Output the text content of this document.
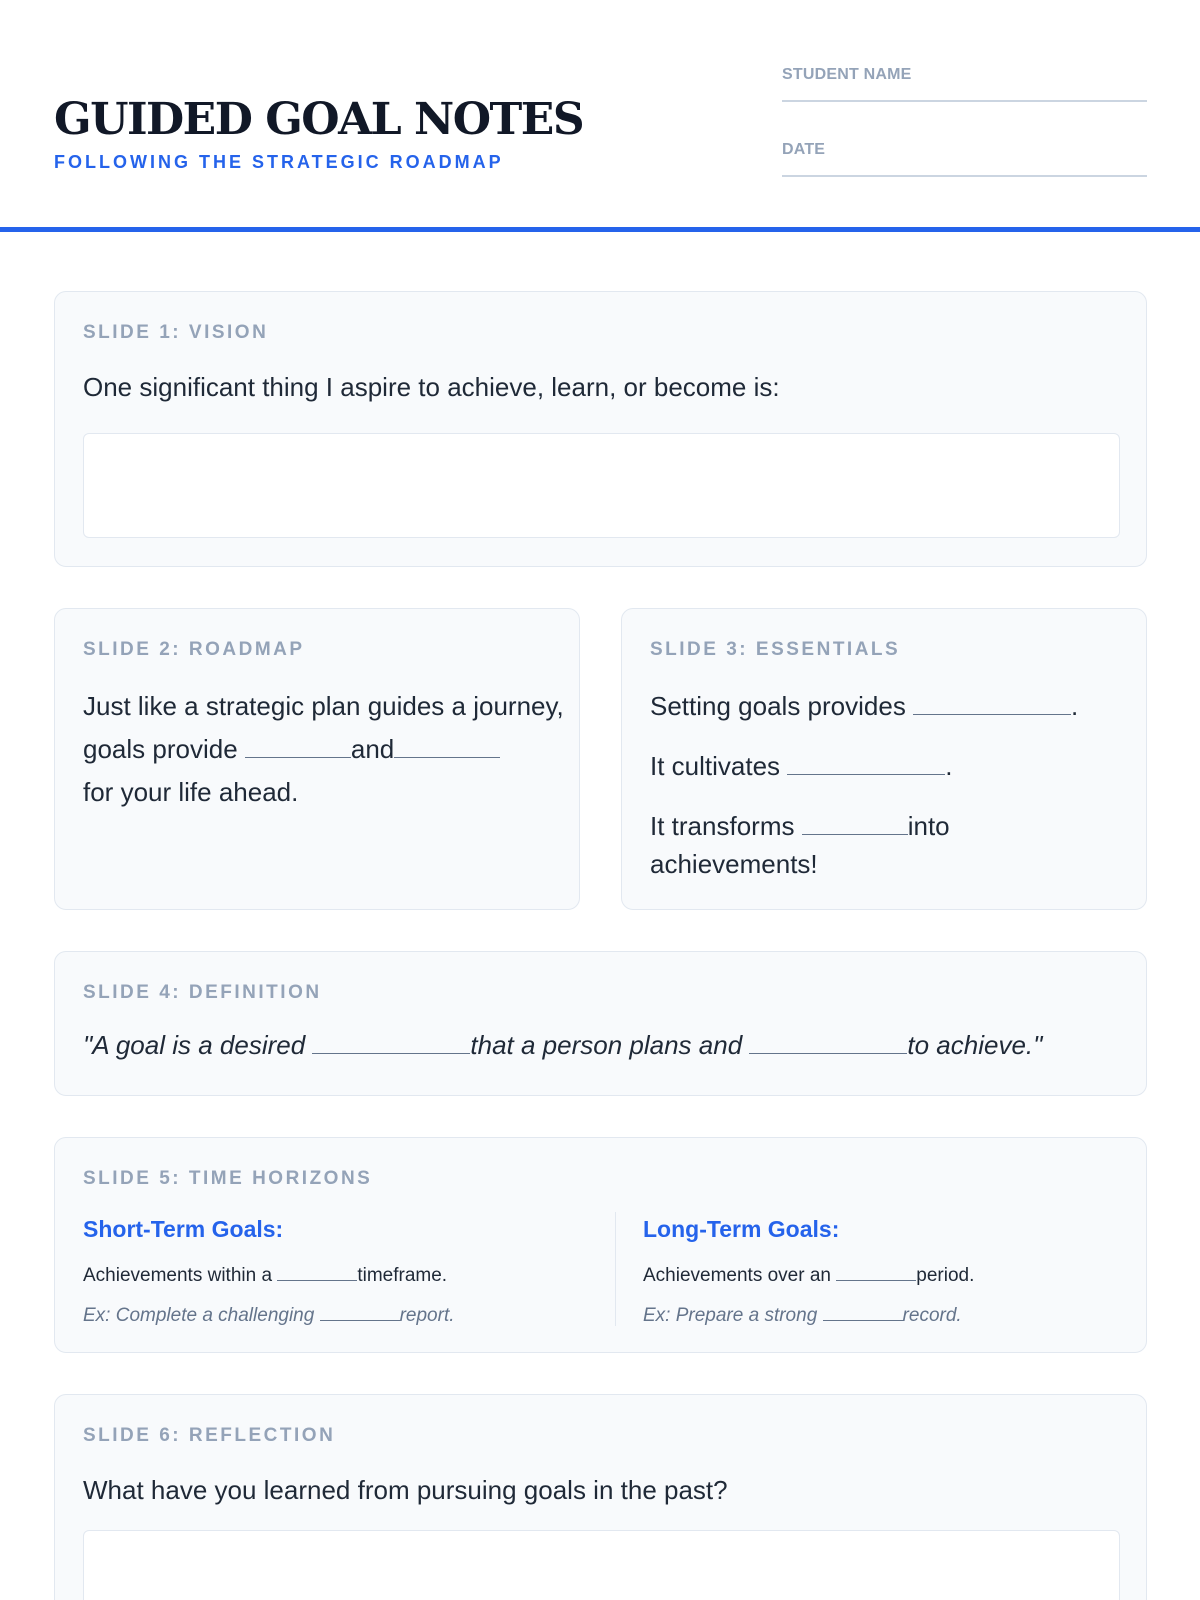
GUIDED GOAL NOTES
FOLLOWING THE STRATEGIC ROADMAP
STUDENT NAME
DATE
SLIDE 1: VISION
One significant thing I aspire to achieve, learn, or become is:
SLIDE 2: ROADMAP
Just like a strategic plan guides a journey, goals provide	and
for your life ahead.
SLIDE 3: ESSENTIALS
Setting goals provides	.
It cultivates	.
It transforms	into
achievements!
SLIDE 4: DEFINITION
"A goal is a desired	that a person plans and	to achieve."
SLIDE 5: TIME HORIZONS
Short-Term Goals:
Achievements within a	timeframe.
Ex: Complete a challenging	report.
Long-Term Goals:
Achievements over an	period.
Ex: Prepare a strong	record.
SLIDE 6: REFLECTION
What have you learned from pursuing goals in the past?
